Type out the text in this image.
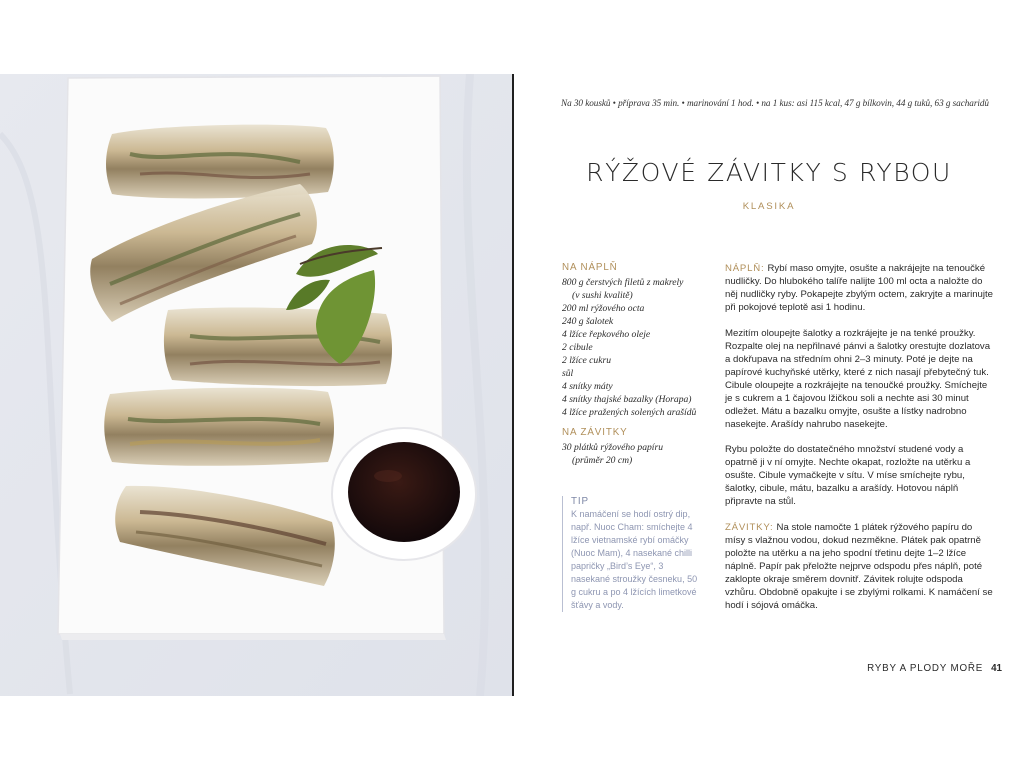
Na 30 kousků • příprava 35 min. • marinování 1 hod. • na 1 kus: asi 115 kcal, 47 g bílkovin, 44 g tuků, 63 g sacharidů
RÝŽOVÉ ZÁVITKY S RYBOU
KLASIKA
NA NÁPLŇ
800 g čerstvých filetů z makrely
(v sushi kvalitě)
200 ml rýžového octa
240 g šalotek
4 lžíce řepkového oleje
2 cibule
2 lžíce cukru
sůl
4 snítky máty
4 snítky thajské bazalky (Horapa)
4 lžíce pražených solených arašídů
NA ZÁVITKY
30 plátků rýžového papíru
(průměr 20 cm)
TIP
K namáčení se hodí ostrý dip, např. Nuoc Cham: smíchejte 4 lžíce vietnamské rybí omáčky (Nuoc Mam), 4 nasekané chilli papričky „Bird’s Eye“, 3 nasekané stroužky česneku, 50 g cukru a po 4 lžících limetkové šťávy a vody.

NÁPLŇ: Rybí maso omyjte, osušte a nakrájejte na tenoučké nudličky. Do hlubokého talíře nalijte 100 ml octa a naložte do něj nudličky ryby. Pokapejte zbylým octem, zakryjte a marinujte při pokojové teplotě asi 1 hodinu.

Mezitím oloupejte šalotky a rozkrájejte je na tenké proužky. Rozpalte olej na nepřilnavé pánvi a šalotky orestujte dozlatova a dokřupava na středním ohni 2–3 minuty. Poté je dejte na papírové kuchyňské utěrky, které z nich nasají přebytečný tuk. Cibule oloupejte a rozkrájejte na tenoučké proužky. Smíchejte je s cukrem a 1 čajovou lžičkou soli a nechte asi 30 minut odležet. Mátu a bazalku omyjte, osušte a lístky nadrobno nasekejte. Arašídy nahrubo nasekejte.

Rybu položte do dostatečného množství studené vody a opatrně ji v ní omyjte. Nechte okapat, rozložte na utěrku a osušte. Cibule vymačkejte v sítu. V míse smíchejte rybu, šalotky, cibule, mátu, bazalku a arašídy. Hotovou náplň připravte na stůl.

ZÁVITKY: Na stole namočte 1 plátek rýžového papíru do mísy s vlažnou vodou, dokud nezměkne. Plátek pak opatrně položte na utěrku a na jeho spodní třetinu dejte 1–2 lžíce náplně. Papír pak přeložte nejprve odspodu přes náplň, poté zaklopte okraje směrem dovnitř. Závitek rolujte odspoda vzhůru. Obdobně opakujte i se zbylými rolkami. K namáčení se hodí i sójová omáčka.

RYBY A PLODY MOŘE 41
